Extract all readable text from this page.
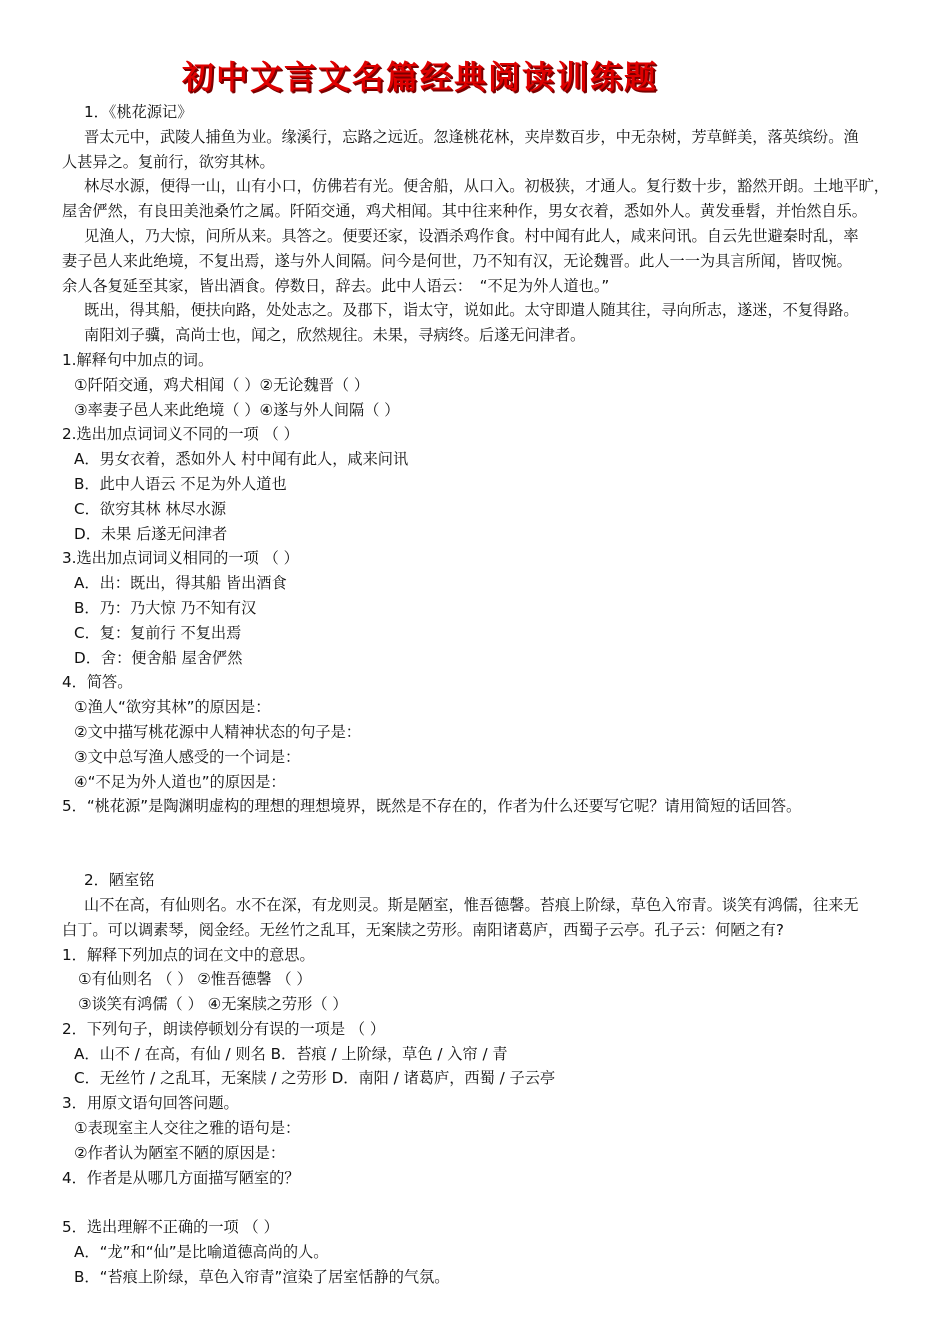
初中文言文名篇经典阅读训练题
1．《桃花源记》
晋太元中，武陵人捕鱼为业。缘溪行，忘路之远近。忽逢桃花林，夹岸数百步，中无杂树，芳草鲜美，落英缤纷。渔
人甚异之。复前行，欲穷其林。
林尽水源，便得一山，山有小口，仿佛若有光。便舍船，从口入。初极狭，才通人。复行数十步，豁然开朗。土地平旷，
屋舍俨然，有良田美池桑竹之属。阡陌交通，鸡犬相闻。其中往来种作，男女衣着，悉如外人。黄发垂髫，并怡然自乐。
见渔人，乃大惊，问所从来。具答之。便要还家，设酒杀鸡作食。村中闻有此人，咸来问讯。自云先世避秦时乱，率
妻子邑人来此绝境，不复出焉，遂与外人间隔。问今是何世，乃不知有汉，无论魏晋。此人一一为具言所闻，皆叹惋。
余人各复延至其家，皆出酒食。停数日，辞去。此中人语云：　“不足为外人道也。”
既出，得其船，便扶向路，处处志之。及郡下，诣太守，说如此。太守即遣人随其往，寻向所志，遂迷，不复得路。
南阳刘子骥，高尚士也，闻之，欣然规往。未果，寻病终。后遂无问津者。
1.解释句中加点的词。
①阡陌交通，鸡犬相闻（ ）②无论魏晋（ ）
③率妻子邑人来此绝境（ ）④遂与外人间隔（ ）
2.选出加点词词义不同的一项 （ ）
A．男女衣着，悉如外人 村中闻有此人，咸来问讯
B．此中人语云 不足为外人道也
C．欲穷其林 林尽水源
D．未果 后遂无问津者
3.选出加点词词义相同的一项 （ ）
A．出：既出，得其船 皆出酒食
B．乃：乃大惊 乃不知有汉
C．复：复前行 不复出焉
D．舍：便舍船 屋舍俨然
4．简答。
①渔人“欲穷其林”的原因是：
②文中描写桃花源中人精神状态的句子是：
③文中总写渔人感受的一个词是：
④“不足为外人道也”的原因是：
5．“桃花源”是陶渊明虚构的理想的理想境界，既然是不存在的，作者为什么还要写它呢？请用简短的话回答。
2．陋室铭
山不在高，有仙则名。水不在深，有龙则灵。斯是陋室，惟吾德馨。苔痕上阶绿，草色入帘青。谈笑有鸿儒，往来无
白丁。可以调素琴，阅金经。无丝竹之乱耳，无案牍之劳形。南阳诸葛庐，西蜀子云亭。孔子云：何陋之有?
1．解释下列加点的词在文中的意思。
①有仙则名 （ ） ②惟吾德馨 （ ）
③谈笑有鸿儒（ ） ④无案牍之劳形（ ）
2．下列句子，朗读停顿划分有误的一项是 （ ）
A．山不 / 在高，有仙 / 则名 B．苔痕 / 上阶绿，草色 / 入帘 / 青
C．无丝竹 / 之乱耳，无案牍 / 之劳形 D．南阳 / 诸葛庐，西蜀 / 子云亭
3．用原文语句回答问题。
①表现室主人交往之雅的语句是：
②作者认为陋室不陋的原因是：
4．作者是从哪几方面描写陋室的？
5．选出理解不正确的一项 （ ）
A．“龙”和“仙”是比喻道德高尚的人。
B．“苔痕上阶绿，草色入帘青”渲染了居室恬静的气氛。
